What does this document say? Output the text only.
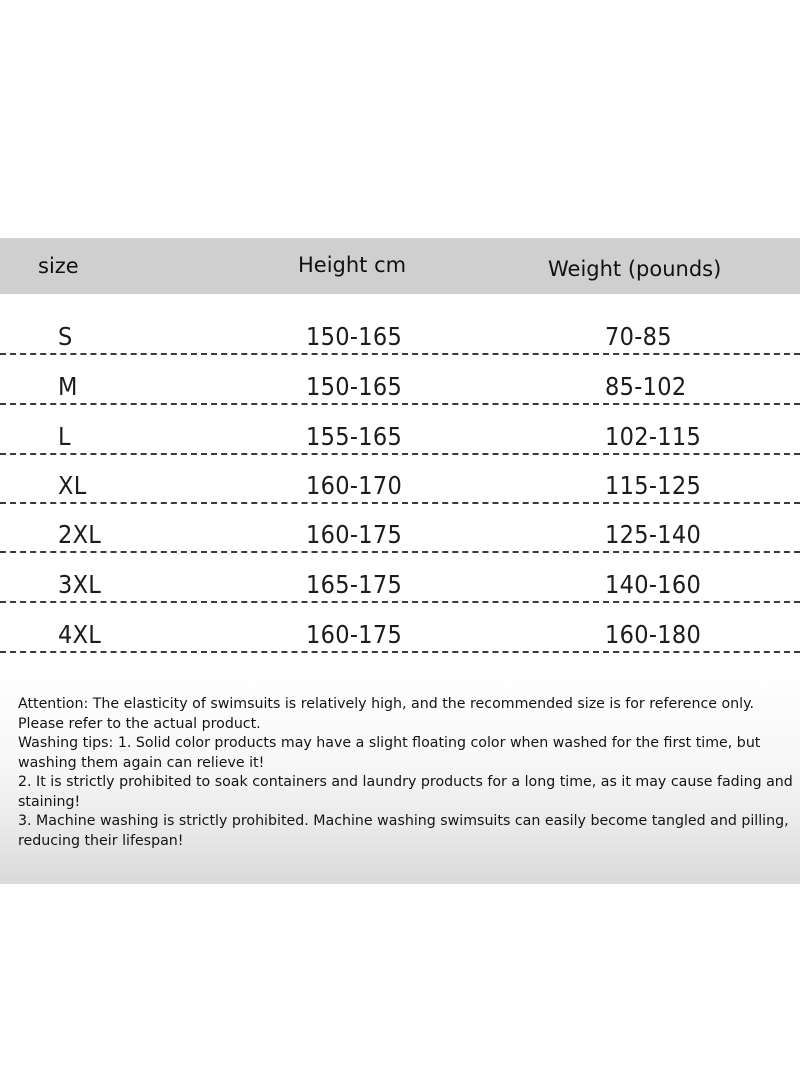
size	Height cm	Weight (pounds)
S	150-165	70-85
M	150-165	85-102
L	155-165	102-115
XL	160-170	115-125
2XL	160-175	125-140
3XL	165-175	140-160
4XL	160-175	160-180

Attention: The elasticity of swimsuits is relatively high, and the recommended size is for reference only. Please refer to the actual product.

Washing tips: 1. Solid color products may have a slight floating color when washed for the first time, but washing them again can relieve it!

2. It is strictly prohibited to soak containers and laundry products for a long time, as it may cause fading and staining!

3. Machine washing is strictly prohibited. Machine washing swimsuits can easily become tangled and pilling, reducing their lifespan!
